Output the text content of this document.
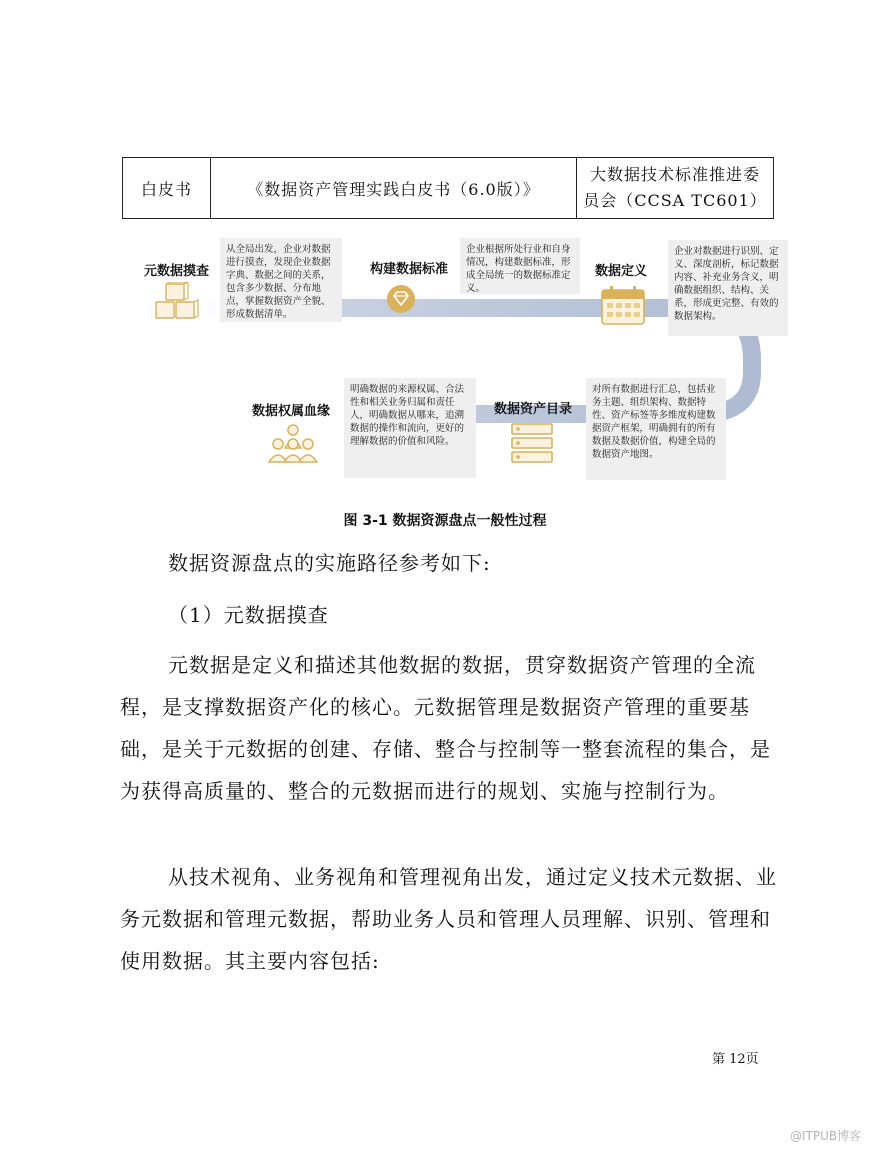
白皮书	《数据资产管理实践白皮书（6.0版）》
大数据技术标准推进委员会（CCSA TC601）
元数据摸查
从全局出发，企业对数据进行摸查，发现企业数据字典、数据之间的关系，包含多少数据、分布地点，掌握数据资产全貌、形成数据清单。
构建数据标准
企业根据所处行业和自身情况，构建数据标准，形成全局统一的数据标准定义。
数据定义
企业对数据进行识别、定义、深度剖析，标记数据内容、补充业务含义，明确数据组织、结构、关系，形成更完整、有效的数据架构。
数据资产目录
对所有数据进行汇总，包括业务主题、组织架构、数据特性、资产标签等多维度构建数据资产框架，明确拥有的所有数据及数据价值，构建全局的数据资产地图。
数据权属血缘
明确数据的来源权属、合法性和相关业务归属和责任人，明确数据从哪来，追溯数据的操作和流向，更好的理解数据的价值和风险。
图 3-1 数据资源盘点一般性过程
数据资源盘点的实施路径参考如下:
（1）元数据摸查
元数据是定义和描述其他数据的数据，贯穿数据资产管理的全流程，是支撑数据资产化的核心。元数据管理是数据资产管理的重要基础，是关于元数据的创建、存储、整合与控制等一整套流程的集合，是为获得高质量的、整合的元数据而进行的规划、实施与控制行为。
从技术视角、业务视角和管理视角出发，通过定义技术元数据、业务元数据和管理元数据，帮助业务人员和管理人员理解、识别、管理和使用数据。其主要内容包括:
第 12页
@ITPUB博客
